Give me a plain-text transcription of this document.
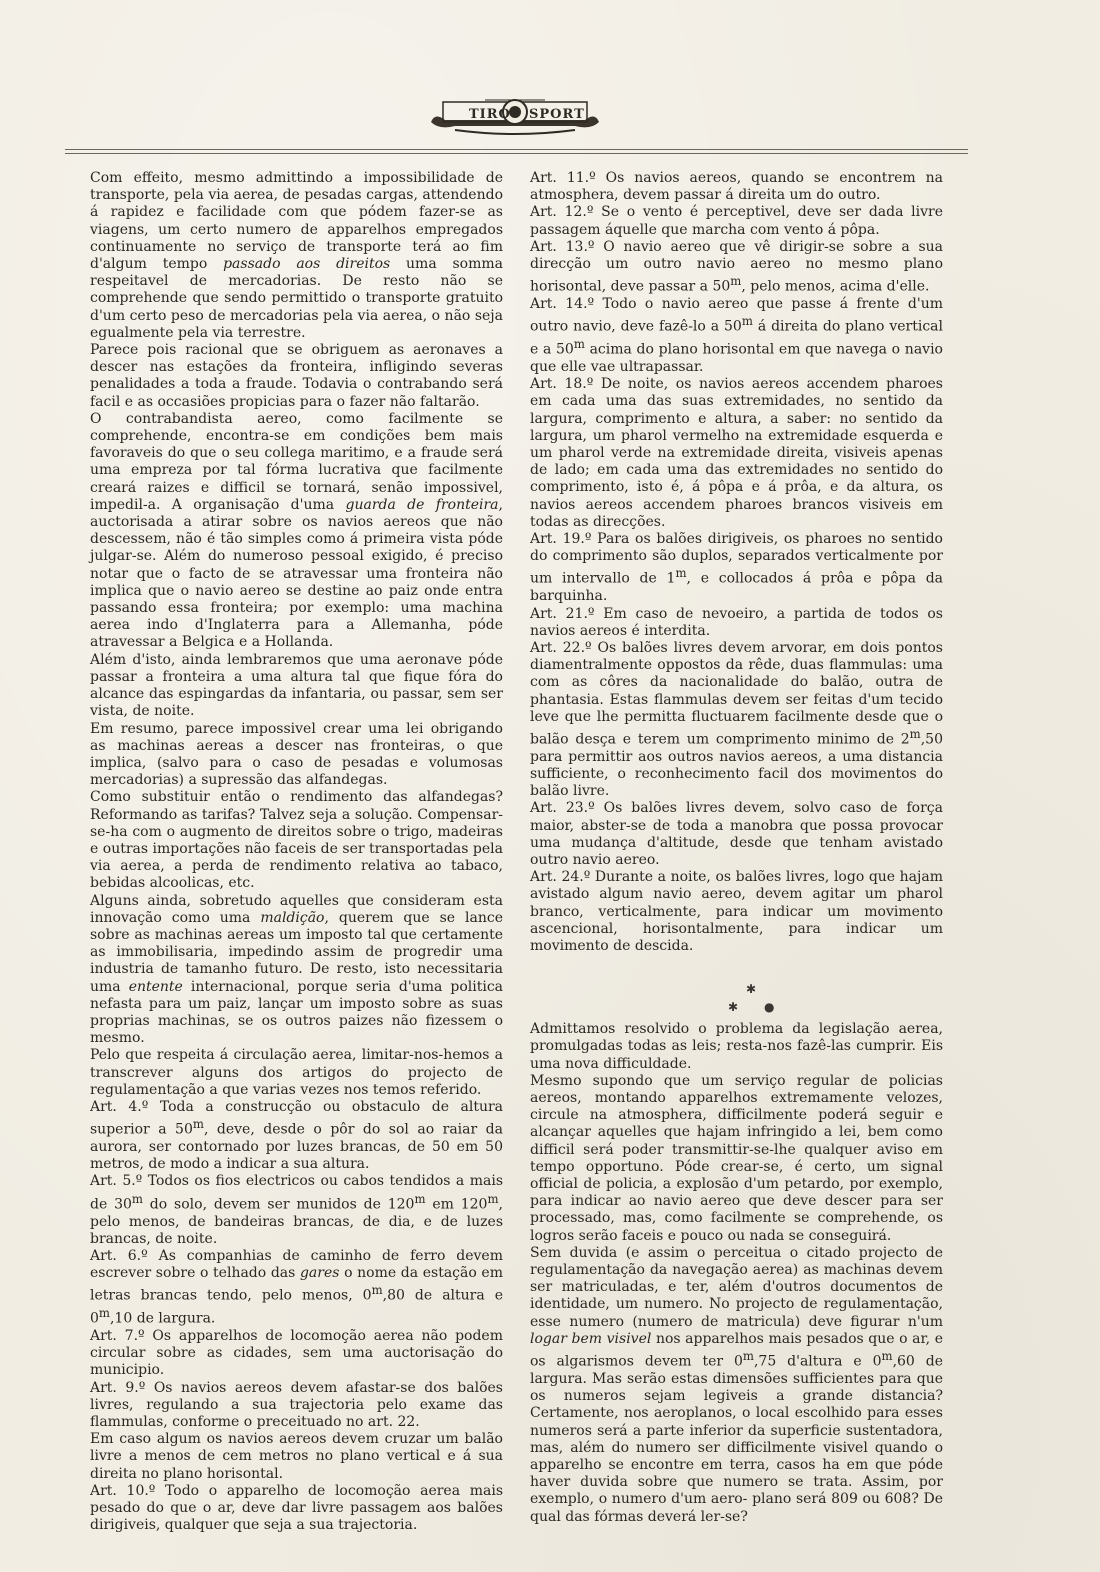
TIRO SPORT

Com effeito, mesmo admittindo a impossibilidade de transporte, pela via aerea, de pesadas cargas, attendendo á rapidez e facilidade com que pódem fazer-se as viagens, um certo numero de apparelhos empregados continuamente no serviço de transporte terá ao fim d'algum tempo passado aos direitos uma somma respeitavel de mercadorias. De resto não se comprehende que sendo permittido o transporte gratuito d'um certo peso de mercadorias pela via aerea, o não seja egualmente pela via terrestre.

Parece pois racional que se obriguem as aeronaves a descer nas estações da fronteira, infligindo severas penalidades a toda a fraude. Todavia o contrabando será facil e as occasiões propicias para o fazer não faltarão.

O contrabandista aereo, como facilmente se comprehende, encontra-se em condições bem mais favoraveis do que o seu collega maritimo, e a fraude será uma empreza por tal fórma lucrativa que facilmente creará raizes e difficil se tornará, senão impossivel, impedil-a. A organisação d'uma guarda de fronteira, auctorisada a atirar sobre os navios aereos que não descessem, não é tão simples como á primeira vista póde julgar-se. Além do numeroso pessoal exigido, é preciso notar que o facto de se atravessar uma fronteira não implica que o navio aereo se destine ao paiz onde entra passando essa fronteira; por exemplo: uma machina aerea indo d'Inglaterra para a Allemanha, póde atravessar a Belgica e a Hollanda.

Além d'isto, ainda lembraremos que uma aeronave póde passar a fronteira a uma altura tal que fique fóra do alcance das espingardas da infantaria, ou passar, sem ser vista, de noite.

Em resumo, parece impossivel crear uma lei obrigando as machinas aereas a descer nas fronteiras, o que implica, (salvo para o caso de pesadas e volumosas mercadorias) a supressão das alfandegas.

Como substituir então o rendimento das alfandegas? Reformando as tarifas? Talvez seja a solução. Compensar-se-ha com o augmento de direitos sobre o trigo, madeiras e outras importações não faceis de ser transportadas pela via aerea, a perda de rendimento relativa ao tabaco, bebidas alcoolicas, etc.

Alguns ainda, sobretudo aquelles que consideram esta innovação como uma maldição, querem que se lance sobre as machinas aereas um imposto tal que certamente as immobilisaria, impedindo assim de progredir uma industria de tamanho futuro. De resto, isto necessitaria uma entente internacional, porque seria d'uma politica nefasta para um paiz, lançar um imposto sobre as suas proprias machinas, se os outros paizes não fizessem o mesmo.

Pelo que respeita á circulação aerea, limitar-nos-hemos a transcrever alguns dos artigos do projecto de regulamentação a que varias vezes nos temos referido.

Art. 4.º Toda a construcção ou obstaculo de altura superior a 50$^m$, deve, desde o pôr do sol ao raiar da aurora, ser contornado por luzes brancas, de 50 em 50 metros, de modo a indicar a sua altura.

Art. 5.º Todos os fios electricos ou cabos tendidos a mais de 30$^m$ do solo, devem ser munidos de 120$^m$ em 120$^m$, pelo menos, de bandeiras brancas, de dia, e de luzes brancas, de noite.

Art. 6.º As companhias de caminho de ferro devem escrever sobre o telhado das gares o nome da estação em letras brancas tendo, pelo menos, 0$^m$,80 de altura e 0$^m$,10 de largura.

Art. 7.º Os apparelhos de locomoção aerea não podem circular sobre as cidades, sem uma auctorisação do municipio.

Art. 9.º Os navios aereos devem afastar-se dos balões livres, regulando a sua trajectoria pelo exame das flammulas, conforme o preceituado no art. 22.

Em caso algum os navios aereos devem cruzar um balão livre a menos de cem metros no plano vertical e á sua direita no plano horisontal.

Art. 10.º Todo o apparelho de locomoção aerea mais pesado do que o ar, deve dar livre passagem aos balões dirigiveis, qualquer que seja a sua trajectoria.

Art. 11.º Os navios aereos, quando se encontrem na atmosphera, devem passar á direita um do outro.

Art. 12.º Se o vento é perceptivel, deve ser dada livre passagem áquelle que marcha com vento á pôpa.

Art. 13.º O navio aereo que vê dirigir-se sobre a sua direcção um outro navio aereo no mesmo plano horisontal, deve passar a 50$^m$, pelo menos, acima d'elle.

Art. 14.º Todo o navio aereo que passe á frente d'um outro navio, deve fazê-lo a 50$^m$ á direita do plano vertical e a 50$^m$ acima do plano horisontal em que navega o navio que elle vae ultrapassar.

Art. 18.º De noite, os navios aereos accendem pharoes em cada uma das suas extremidades, no sentido da largura, comprimento e altura, a saber: no sentido da largura, um pharol vermelho na extremidade esquerda e um pharol verde na extremidade direita, visiveis apenas de lado; em cada uma das extremidades no sentido do comprimento, isto é, á pôpa e á prôa, e da altura, os navios aereos accendem pharoes brancos visiveis em todas as direcções.

Art. 19.º Para os balões dirigiveis, os pharoes no sentido do comprimento são duplos, separados verticalmente por um intervallo de 1$^m$, e collocados á prôa e pôpa da barquinha.

Art. 21.º Em caso de nevoeiro, a partida de todos os navios aereos é interdita.

Art. 22.º Os balões livres devem arvorar, em dois pontos diamentralmente oppostos da rêde, duas flammulas: uma com as côres da nacionalidade do balão, outra de phantasia. Estas flammulas devem ser feitas d'um tecido leve que lhe permitta fluctuarem facilmente desde que o balão desça e terem um comprimento minimo de 2$^m$,50 para permittir aos outros navios aereos, a uma distancia sufficiente, o reconhecimento facil dos movimentos do balão livre.

Art. 23.º Os balões livres devem, solvo caso de força maior, abster-se de toda a manobra que possa provocar uma mudança d'altitude, desde que tenham avistado outro navio aereo.

Art. 24.º Durante a noite, os balões livres, logo que hajam avistado algum navio aereo, devem agitar um pharol branco, verticalmente, para indicar um movimento ascencional, horisontalmente, para indicar um movimento de descida.

✱
✱ ●

Admittamos resolvido o problema da legislação aerea, promulgadas todas as leis; resta-nos fazê-las cumprir. Eis uma nova difficuldade.

Mesmo supondo que um serviço regular de policias aereos, montando apparelhos extremamente velozes, circule na atmosphera, difficilmente poderá seguir e alcançar aquelles que hajam infringido a lei, bem como difficil será poder transmittir-se-lhe qualquer aviso em tempo opportuno. Póde crear-se, é certo, um signal official de policia, a explosão d'um petardo, por exemplo, para indicar ao navio aereo que deve descer para ser processado, mas, como facilmente se comprehende, os logros serão faceis e pouco ou nada se conseguirá.

Sem duvida (e assim o perceitua o citado projecto de regulamentação da navegação aerea) as machinas devem ser matriculadas, e ter, além d'outros documentos de identidade, um numero. No projecto de regulamentação, esse numero (numero de matricula) deve figurar n'um logar bem visivel nos apparelhos mais pesados que o ar, e os algarismos devem ter 0$^m$,75 d'altura e 0$^m$,60 de largura. Mas serão estas dimensões sufficientes para que os numeros sejam legiveis a grande distancia? Certamente, nos aeroplanos, o local escolhido para esses numeros será a parte inferior da superficie sustentadora, mas, além do numero ser difficilmente visivel quando o apparelho se encontre em terra, casos ha em que póde haver duvida sobre que numero se trata. Assim, por exemplo, o numero d'um aero- plano será 809 ou 608? De qual das fórmas deverá ler-se?
